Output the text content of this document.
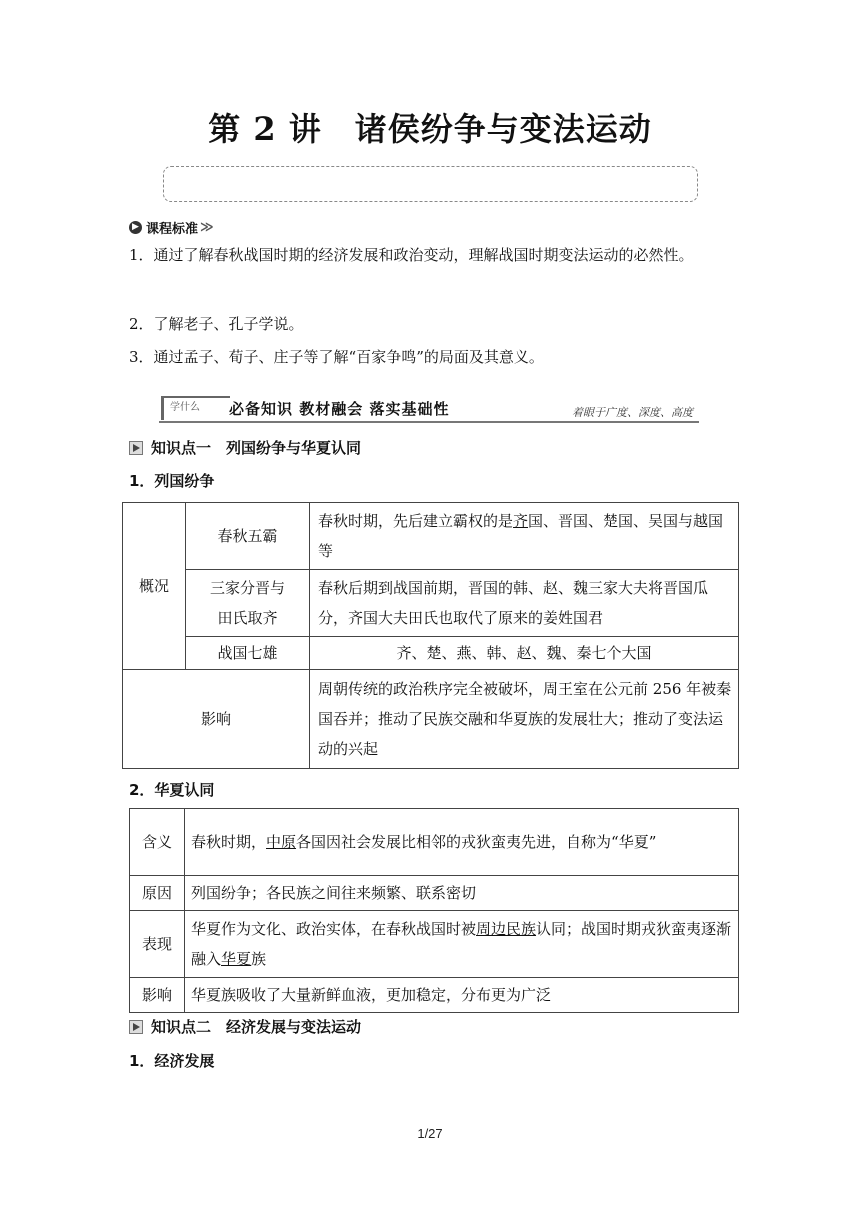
第 2 讲　诸侯纷争与变法运动
▶ 课程标准 ≫
1．通过了解春秋战国时期的经济发展和政治变动，理解战国时期变法运动的必然性。
2．了解老子、孔子学说。
3．通过孟子、荀子、庄子等了解“百家争鸣”的局面及其意义。
学什么	必备知识 教材融会 落实基础性	着眼于广度、深度、高度
知识点一　列国纷争与华夏认同
1．列国纷争
概况	春秋五霸	春秋时期，先后建立霸权的是齐国、晋国、楚国、吴国与越国等
	三家分晋与
田氏取齐	春秋后期到战国前期，晋国的韩、赵、魏三家大夫将晋国瓜分，齐国大夫田氏也取代了原来的姜姓国君
	战国七雄	齐、楚、燕、韩、赵、魏、秦七个大国
影响		周朝传统的政治秩序完全被破坏，周王室在公元前 256 年被秦国吞并；推动了民族交融和华夏族的发展壮大；推动了变法运动的兴起
2．华夏认同
含义	春秋时期，中原各国因社会发展比相邻的戎狄蛮夷先进，自称为“华夏”
原因	列国纷争；各民族之间往来频繁、联系密切
表现	华夏作为文化、政治实体，在春秋战国时被周边民族认同；战国时期戎狄蛮夷逐渐融入华夏族
影响	华夏族吸收了大量新鲜血液，更加稳定，分布更为广泛
知识点二　经济发展与变法运动
1．经济发展
1/27
